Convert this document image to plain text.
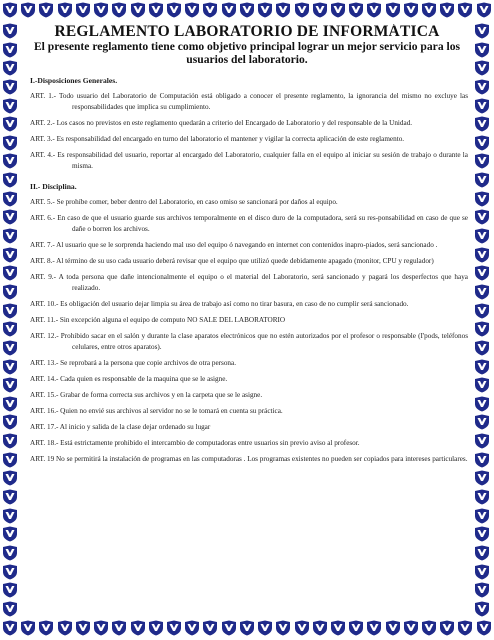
REGLAMENTO LABORATORIO DE INFORMÁTICA
El presente reglamento tiene como objetivo principal lograr un mejor servicio para los usuarios del laboratorio.
I.-Disposiciones Generales.
ART. 1.- Todo usuario del Laboratorio de Computación está obligado a conocer el presente reglamento, la ignorancia del mismo no excluye las responsabilidades que implica su cumplimiento.
ART. 2.- Los casos no previstos en este reglamento quedarán a criterio del Encargado de Laboratorio y del responsable de la Unidad.
ART. 3.- Es responsabilidad del encargado en turno del laboratorio el mantener y vigilar la correcta aplicación de este reglamento.
ART. 4.- Es responsabilidad del usuario, reportar al encargado del Laboratorio, cualquier falla en el equipo al iniciar su sesión de trabajo o durante la misma.
II.- Disciplina.
ART. 5.- Se prohíbe comer, beber dentro del Laboratorio, en caso omiso se sancionará por daños al equipo.
ART. 6.- En caso de que el usuario guarde sus archivos temporalmente en el disco duro de la computadora, será su res-ponsabilidad en caso de que se dañe o borren los archivos.
ART. 7.- Al usuario que se le sorprenda haciendo mal uso del equipo ó navegando en internet con contenidos inapro-piados, será sancionado .
ART. 8.- Al término de su uso cada usuario deberá revisar que el equipo que utilizó quede debidamente apagado (monitor, CPU y regulador)
ART. 9.- A toda persona que dañe intencionalmente el equipo o el material del Laboratorio, será sancionado y pagará los desperfectos que haya realizado.
ART. 10.- Es obligación del usuario dejar limpia su área de trabajo así como no tirar basura, en caso de no cumplir será sancionado.
ART. 11.- Sin excepción alguna el equipo de computo NO SALE DEL LABORATORIO
ART. 12.- Prohibido sacar en el salón y durante la clase aparatos electrónicos que no estén autorizados por el profesor o responsable (I'pods, teléfonos celulares, entre otros aparatos).
ART. 13.- Se reprobará a la persona que copie archivos de otra persona.
ART. 14.- Cada quien es responsable de la maquina que se le asigne.
ART. 15.- Grabar de forma correcta sus archivos y en la carpeta que se le asigne.
ART. 16.- Quien no envié sus archivos al servidor no se le tomará en cuenta su práctica.
ART. 17.- Al inicio y salida de la clase dejar ordenado su lugar
ART. 18.- Está estrictamente prohibido el intercambio de computadoras entre usuarios sin previo aviso al profesor.
ART. 19 No se permitirá la instalación de programas en las computadoras . Los programas existentes no pueden ser copiados para intereses particulares.
